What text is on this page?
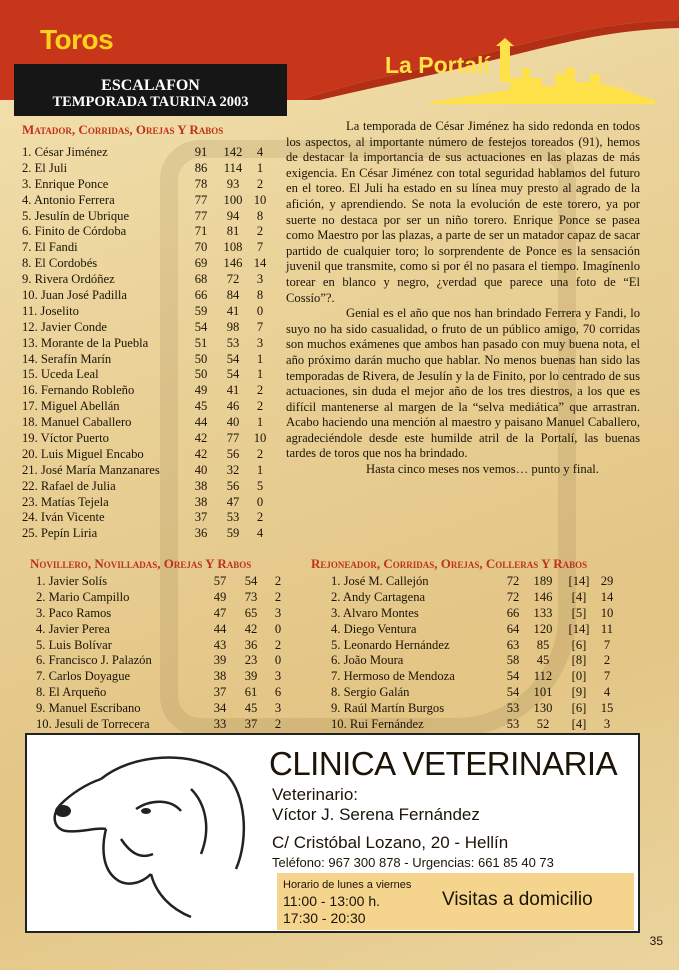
Toros
La Portalí
ESCALAFON
TEMPORADA TAURINA 2003
Matador, Corridas, Orejas Y Rabos
1. César Jiménez	91	142	4
2. El Juli	86	114	1
3. Enrique Ponce	78	93	2
4. Antonio Ferrera	77	100 10
5. Jesulín de Ubrique	77	94	8
6. Finito de Córdoba	71	81	2
7. El Fandi	70	108	7
8. El Cordobés	69	146 14
9. Rivera Ordóñez	68	72	3
10. Juan José Padilla	66	84	8
11. Joselito	59	41	0
12. Javier Conde	54	98	7
13. Morante de la Puebla	51	53	3
14. Serafín Marín	50	54	1
15. Uceda Leal	50	54	1
16. Fernando Robleño	49	41	2
17. Miguel Abellán	45	46	2
18. Manuel Caballero	44	40	1
19. Víctor Puerto	42	77	10
20. Luis Miguel Encabo	42	56	2
21. José María Manzanares	40	32	1
22. Rafael de Julia	38	56	5
23. Matías Tejela	38	47	0
24. Iván Vicente	37	53	2
25. Pepín Liria	36	59	4

La temporada de César Jiménez ha sido redonda en todos los aspectos, al importante número de festejos toreados (91), hemos de destacar la importancia de sus actuaciones en las plazas de más exigencia. En César Jiménez con total seguridad hablamos del futuro en el toreo. El Juli ha estado en su línea muy presto al agrado de la afición, y aprendiendo. Se nota la evolución de este torero, ya por suerte no destaca por ser un niño torero. Enrique Ponce se pasea como Maestro por las plazas, a parte de ser un matador capaz de sacar partido de cualquier toro; lo sorprendente de Ponce es la sensación juvenil que transmite, como si por él no pasara el tiempo. Imagínenlo torear en blanco y negro, ¿verdad que parece una foto de “El Cossío”?.

Genial es el año que nos han brindado Ferrera y Fandi, lo suyo no ha sido casualidad, o fruto de un público amigo, 70 corridas son muchos exámenes que ambos han pasado con muy buena nota, el año próximo darán mucho que hablar. No menos buenas han sido las temporadas de Rivera, de Jesulín y la de Finito, por lo centrado de sus actuaciones, sin duda el mejor año de los tres diestros, a los que es difícil mantenerse al margen de la “selva mediática” que arrastran. Acabo haciendo una mención al maestro y paisano Manuel Caballero, agradeciéndole desde este humilde atril de la Portalí, las buenas tardes de toros que nos ha brindado.

Hasta cinco meses nos vemos… punto y final.

Novillero, Novilladas, Orejas Y Rabos
1. Javier Solís	57	54	2
2. Mario Campillo	49	73	2
3. Paco Ramos	47	65	3
4. Javier Perea	44	42	0
5. Luis Bolívar	43	36	2
6. Francisco J. Palazón	39	23	0
7. Carlos Doyague	38	39	3
8. El Arqueño	37	61	6
9. Manuel Escribano	34	45	3
10. Jesuli de Torrecera	33	37	2
Rejoneador, Corridas, Orejas, Colleras Y Rabos
1. José M. Callejón	72	189	[14] 29
2. Andy Cartagena	72	146	[4]	14
3. Alvaro Montes	66	133	[5]	10
4. Diego Ventura	64	120	[14] 11
5. Leonardo Hernández	63	85	[6]	7
6. João Moura	58	45	[8]	2
7. Hermoso de Mendoza	54	112	[0]	7
8. Sergio Galán	54	101	[9]	4
9. Raúl Martín Burgos	53	130	[6]	15
10. Rui Fernández	53	52	[4]	3
CLINICA VETERINARIA
Veterinario:
Víctor J. Serena Fernández
C/ Cristóbal Lozano, 20 - Hellín
Teléfono: 967 300 878 - Urgencias: 661 85 40 73
Horario de lunes a viernes
11:00 - 13:00 h.
17:30 - 20:30
Visitas a domicilio
35
